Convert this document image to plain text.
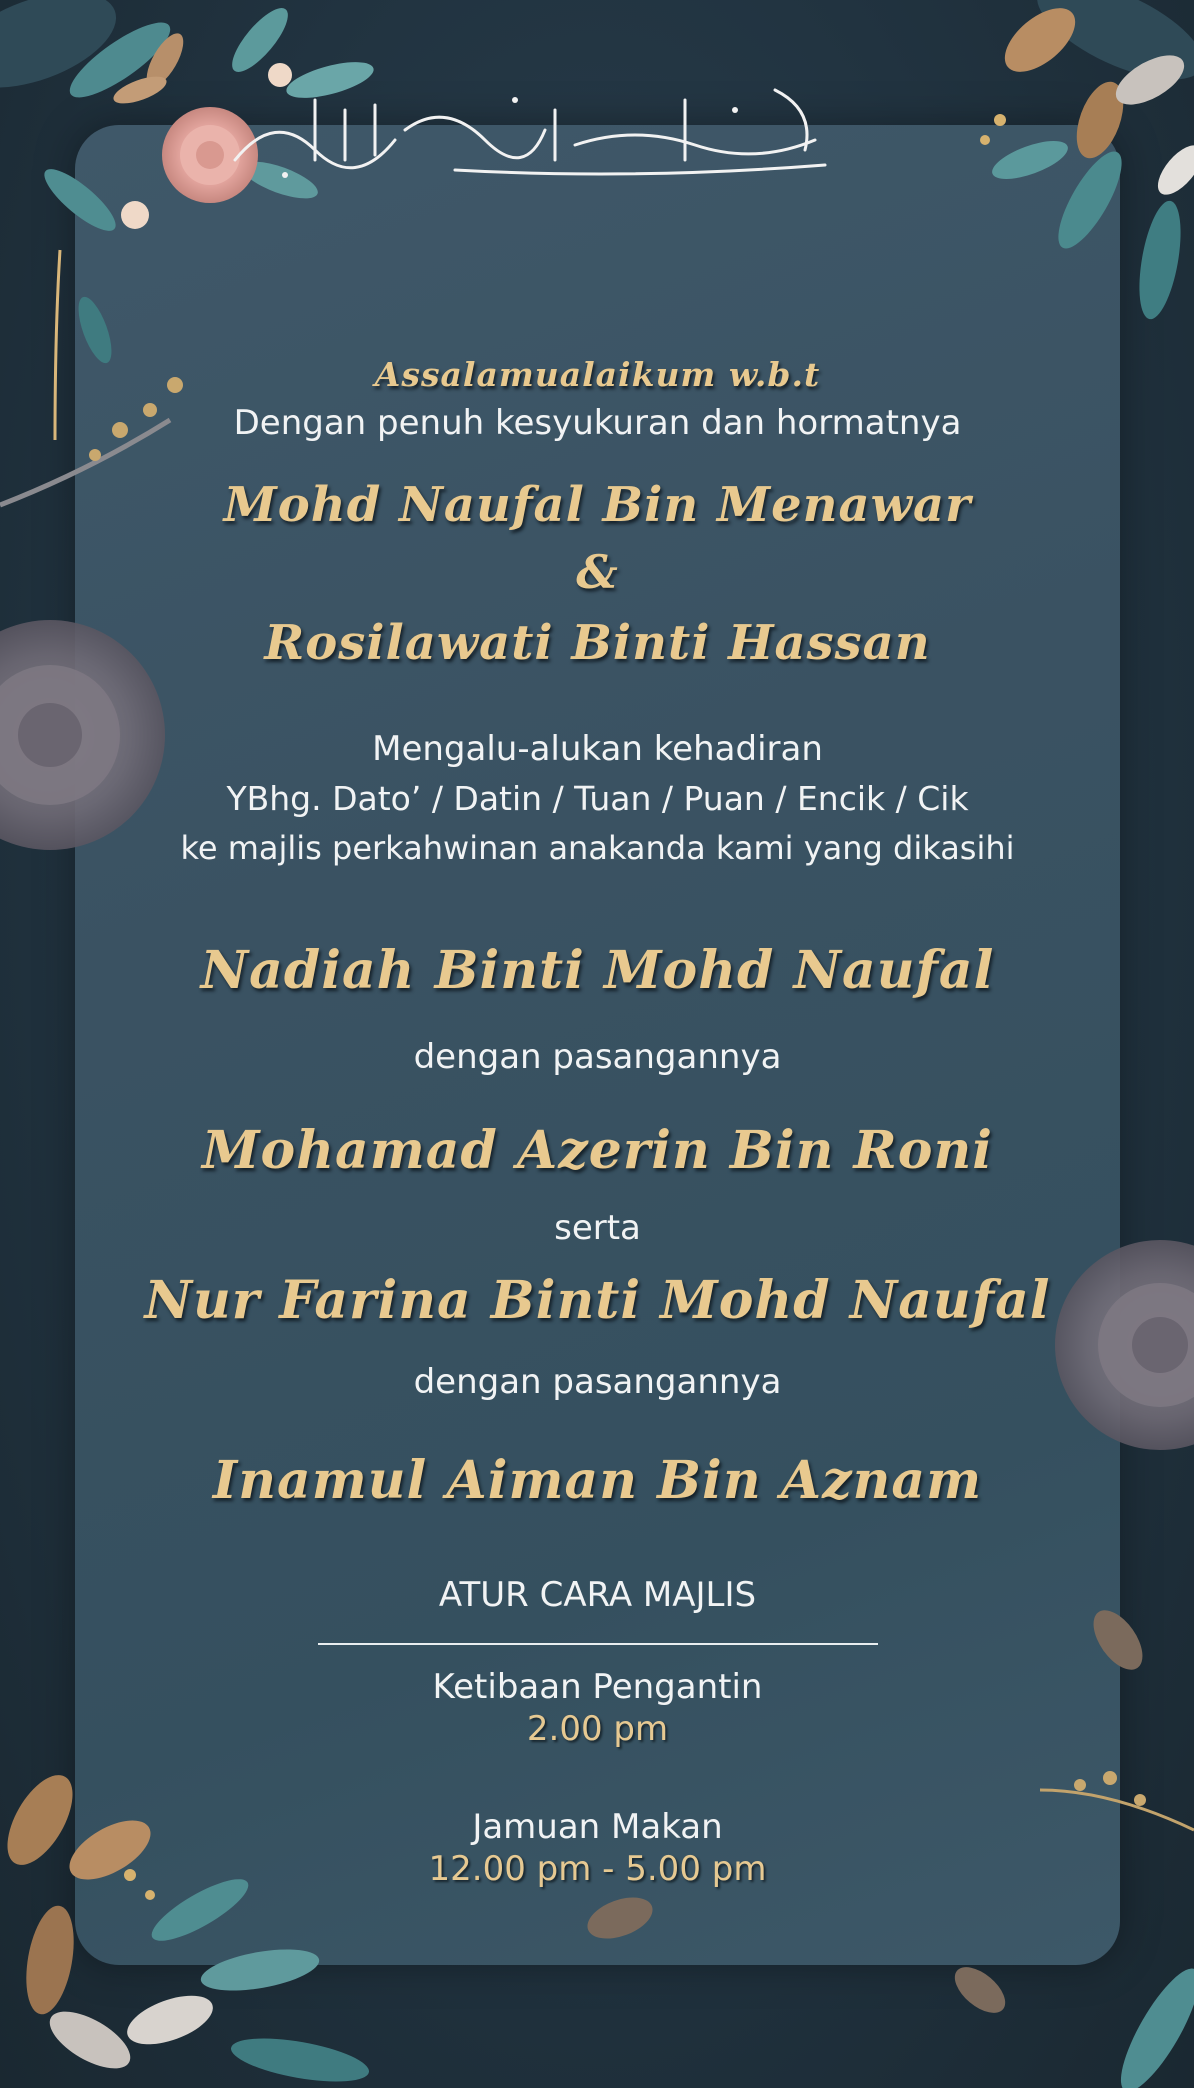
Assalamualaikum w.b.t
Dengan penuh kesyukuran dan hormatnya
Mohd Naufal Bin Menawar
&
Rosilawati Binti Hassan
Mengalu-alukan kehadiran
YBhg. Dato’ / Datin / Tuan / Puan / Encik / Cik
ke majlis perkahwinan anakanda kami yang dikasihi
Nadiah Binti Mohd Naufal
dengan pasangannya
Mohamad Azerin Bin Roni
serta
Nur Farina Binti Mohd Naufal
dengan pasangannya
Inamul Aiman Bin Aznam
ATUR CARA MAJLIS
Ketibaan Pengantin
2.00 pm
Jamuan Makan
12.00 pm - 5.00 pm
